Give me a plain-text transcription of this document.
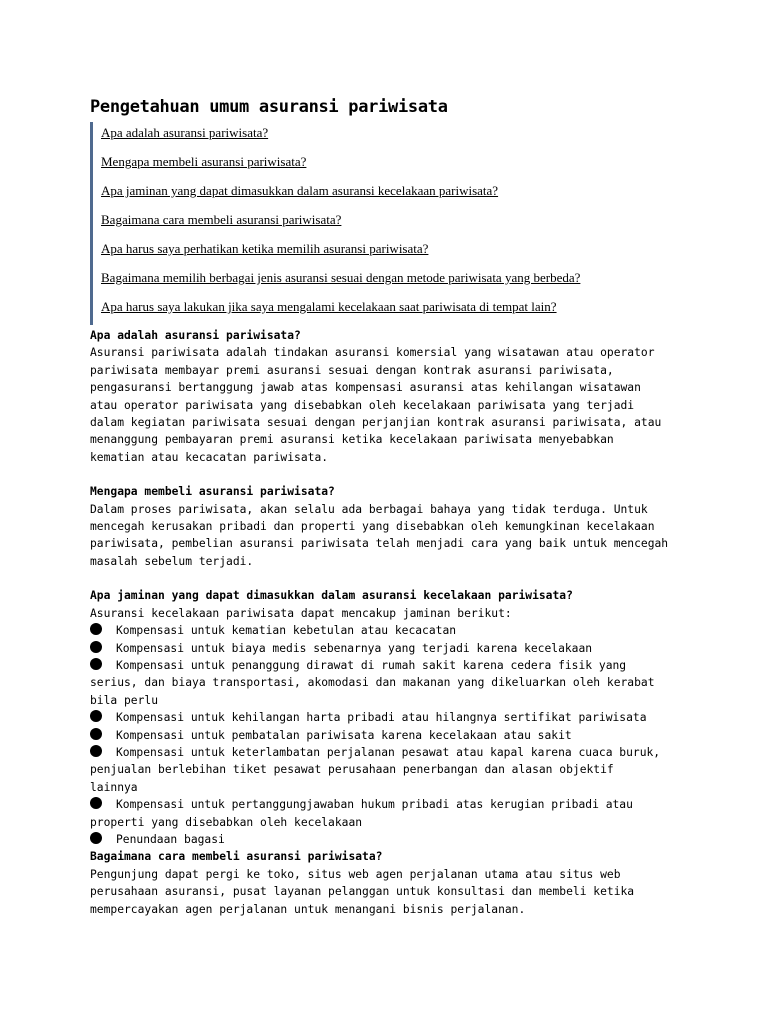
Pengetahuan umum asuransi pariwisata
Apa adalah asuransi pariwisata?
Mengapa membeli asuransi pariwisata?
Apa jaminan yang dapat dimasukkan dalam asuransi kecelakaan pariwisata?
Bagaimana cara membeli asuransi pariwisata?
Apa harus saya perhatikan ketika memilih asuransi pariwisata?
Bagaimana memilih berbagai jenis asuransi sesuai dengan metode pariwisata yang berbeda?
Apa harus saya lakukan jika saya mengalami kecelakaan saat pariwisata di tempat lain?

Apa adalah asuransi pariwisata?

Asuransi pariwisata adalah tindakan asuransi komersial yang wisatawan atau operator

pariwisata membayar premi asuransi sesuai dengan kontrak asuransi pariwisata,

pengasuransi bertanggung jawab atas kompensasi asuransi atas kehilangan wisatawan

atau operator pariwisata yang disebabkan oleh kecelakaan pariwisata yang terjadi

dalam kegiatan pariwisata sesuai dengan perjanjian kontrak asuransi pariwisata, atau

menanggung pembayaran premi asuransi ketika kecelakaan pariwisata menyebabkan

kematian atau kecacatan pariwisata.

Mengapa membeli asuransi pariwisata?

Dalam proses pariwisata, akan selalu ada berbagai bahaya yang tidak terduga. Untuk

mencegah kerusakan pribadi dan properti yang disebabkan oleh kemungkinan kecelakaan

pariwisata, pembelian asuransi pariwisata telah menjadi cara yang baik untuk mencegah

masalah sebelum terjadi.

Apa jaminan yang dapat dimasukkan dalam asuransi kecelakaan pariwisata?

Asuransi kecelakaan pariwisata dapat mencakup jaminan berikut:

Kompensasi untuk kematian kebetulan atau kecacatan

Kompensasi untuk biaya medis sebenarnya yang terjadi karena kecelakaan

Kompensasi untuk penanggung dirawat di rumah sakit karena cedera fisik yang

serius, dan biaya transportasi, akomodasi dan makanan yang dikeluarkan oleh kerabat

bila perlu

Kompensasi untuk kehilangan harta pribadi atau hilangnya sertifikat pariwisata

Kompensasi untuk pembatalan pariwisata karena kecelakaan atau sakit

Kompensasi untuk keterlambatan perjalanan pesawat atau kapal karena cuaca buruk,

penjualan berlebihan tiket pesawat perusahaan penerbangan dan alasan objektif

lainnya

Kompensasi untuk pertanggungjawaban hukum pribadi atas kerugian pribadi atau

properti yang disebabkan oleh kecelakaan

Penundaan bagasi

Bagaimana cara membeli asuransi pariwisata?

Pengunjung dapat pergi ke toko, situs web agen perjalanan utama atau situs web

perusahaan asuransi, pusat layanan pelanggan untuk konsultasi dan membeli ketika

mempercayakan agen perjalanan untuk menangani bisnis perjalanan.
